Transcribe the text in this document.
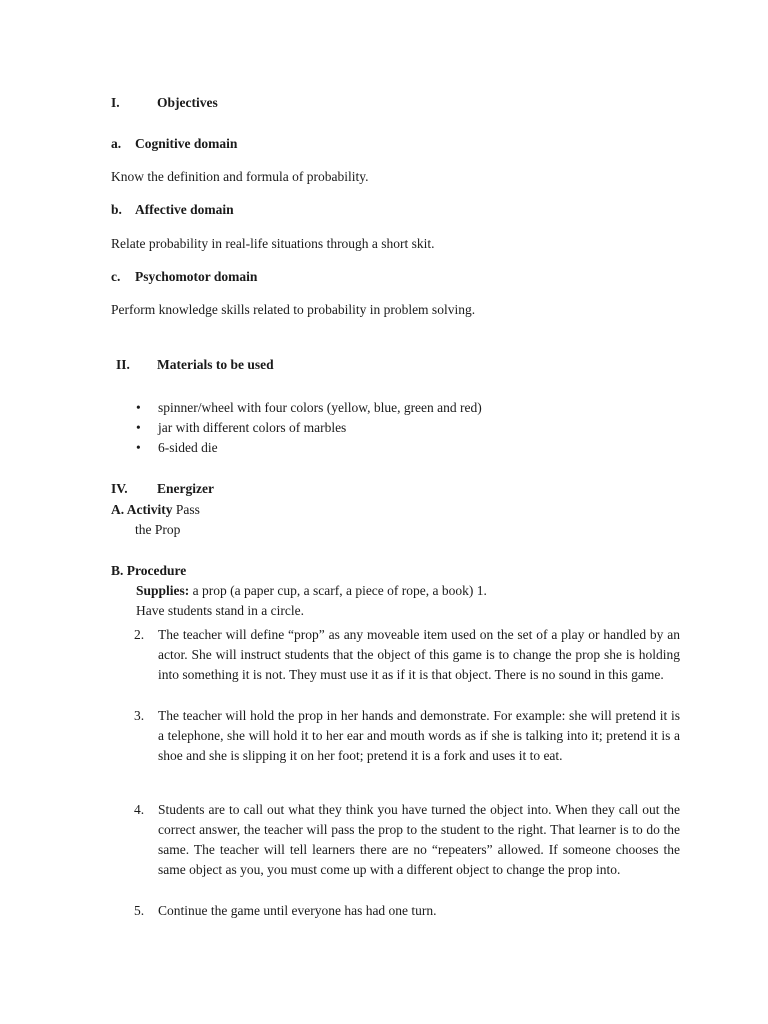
I.	Objectives
a. Cognitive domain
Know the definition and formula of probability.
b. Affective domain
Relate probability in real-life situations through a short skit.
c. Psychomotor domain
Perform knowledge skills related to probability in problem solving.
II. Materials to be used
• spinner/wheel with four colors (yellow, blue, green and red)
• jar with different colors of marbles
• 6-sided die
IV. Energizer
A. Activity Pass
the Prop
B. Procedure
Supplies: a prop (a paper cup, a scarf, a piece of rope, a book) 1.
Have students stand in a circle.
2. The teacher will define “prop” as any moveable item used on the set of a play or handled by an actor. She will instruct students that the object of this game is to change the prop she is holding into something it is not. They must use it as if it is that object. There is no sound in this game.
3. The teacher will hold the prop in her hands and demonstrate. For example: she will pretend it is a telephone, she will hold it to her ear and mouth words as if she is talking into it; pretend it is a shoe and she is slipping it on her foot; pretend it is a fork and uses it to eat.
4. Students are to call out what they think you have turned the object into. When they call out the correct answer, the teacher will pass the prop to the student to the right. That learner is to do the same. The teacher will tell learners there are no “repeaters” allowed. If someone chooses the same object as you, you must come up with a different object to change the prop into.
5. Continue the game until everyone has had one turn.
